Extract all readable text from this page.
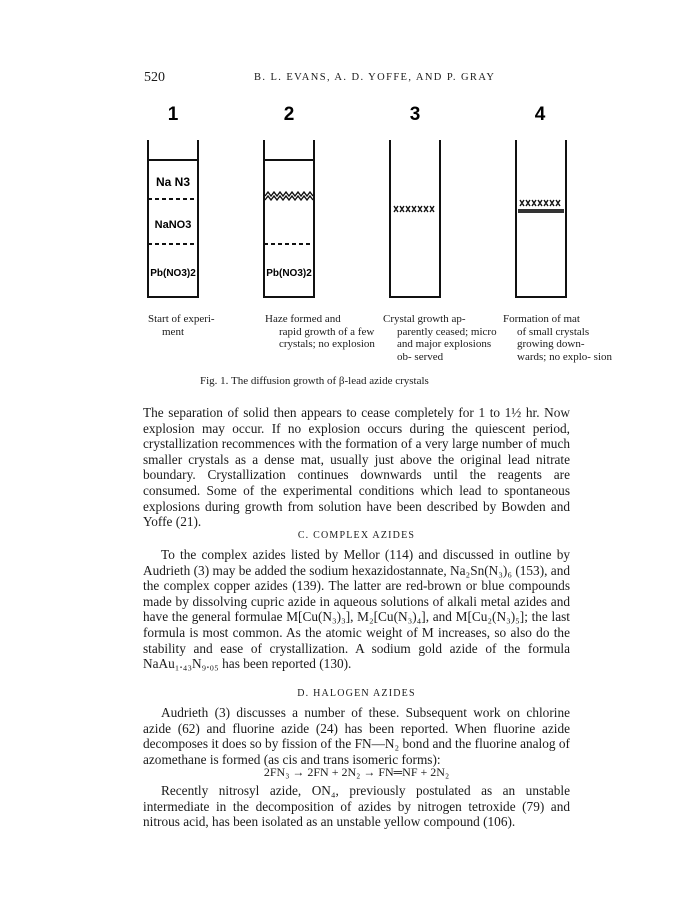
520	B. L. EVANS, A. D. YOFFE, AND P. GRAY
1	2	3	4
Na N3
NaNO3
Pb(NO3)2	Pb(NO3)2
Start of experi-
ment
Haze formed and
rapid growth of a few crystals; no explosion
Crystal growth ap-
parently ceased; micro and major explosions ob- served
Formation of mat
of small crystals growing down- wards; no explo- sion
Fig. 1. The diffusion growth of β-lead azide crystals

The separation of solid then appears to cease completely for 1 to 1½ hr. Now explosion may occur. If no explosion occurs during the quiescent period, crystallization recommences with the formation of a very large number of much smaller crystals as a dense mat, usually just above the original lead nitrate boundary. Crystallization continues downwards until the reagents are consumed. Some of the experimental conditions which lead to spontaneous explosions during growth from solution have been described by Bowden and Yoffe (21).

C. COMPLEX AZIDES

To the complex azides listed by Mellor (114) and discussed in outline by Audrieth (3) may be added the sodium hexazidostannate, Na₂Sn(N₃)₆ (153), and the complex copper azides (139). The latter are red-brown or blue compounds made by dissolving cupric azide in aqueous solutions of alkali metal azides and have the general formulae M[Cu(N₃)₃], M₂[Cu(N₃)₄], and M[Cu₂(N₃)₅]; the last formula is most common. As the atomic weight of M increases, so also do the stability and ease of crystallization. A sodium gold azide of the formula NaAu₁.₄₃N₉.₀₅ has been reported (130).

D. HALOGEN AZIDES

Audrieth (3) discusses a number of these. Subsequent work on chlorine azide (62) and fluorine azide (24) has been reported. When fluorine azide decomposes it does so by fission of the FN—N₂ bond and the fluorine analog of azomethane is formed (as cis and trans isomeric forms):

2FN₃ → 2FN + 2N₂ → FN═NF + 2N₂

Recently nitrosyl azide, ON₄, previously postulated as an unstable intermediate in the decomposition of azides by nitrogen tetroxide (79) and nitrous acid, has been isolated as an unstable yellow compound (106).
